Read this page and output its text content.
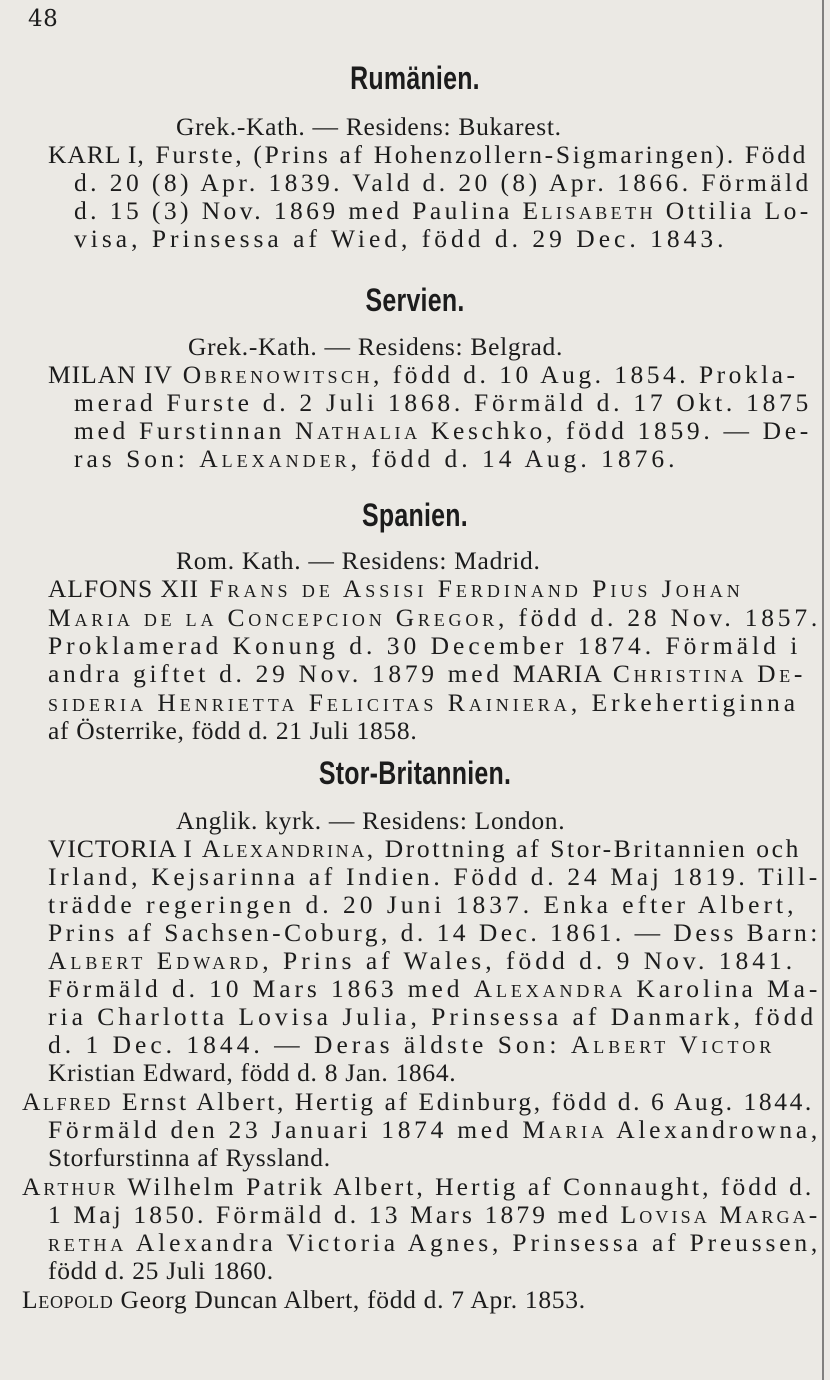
48
Rumänien.
Grek.-Kath. — Residens: Bukarest.
KARL I, Furste, (Prins af Hohenzollern-Sigmaringen). Född
d. 20 (8) Apr. 1839. Vald d. 20 (8) Apr. 1866. Förmäld
d. 15 (3) Nov. 1869 med Paulina Elisabeth Ottilia Lo-
visa, Prinsessa af Wied, född d. 29 Dec. 1843.
Servien.
Grek.-Kath. — Residens: Belgrad.
MILAN IV Obrenowitsch, född d. 10 Aug. 1854. Prokla-
merad Furste d. 2 Juli 1868. Förmäld d. 17 Okt. 1875
med Furstinnan Nathalia Keschko, född 1859. — De-
ras Son: Alexander, född d. 14 Aug. 1876.
Spanien.
Rom. Kath. — Residens: Madrid.
ALFONS XII Frans de Assisi Ferdinand Pius Johan
Maria de la Concepcion Gregor, född d. 28 Nov. 1857.
Proklamerad Konung d. 30 December 1874. Förmäld i
andra giftet d. 29 Nov. 1879 med MARIA Christina De-
sideria Henrietta Felicitas Rainiera, Erkehertiginna
af Österrike, född d. 21 Juli 1858.
Stor-Britannien.
Anglik. kyrk. — Residens: London.
VICTORIA I Alexandrina, Drottning af Stor-Britannien och
Irland, Kejsarinna af Indien. Född d. 24 Maj 1819. Till-
trädde regeringen d. 20 Juni 1837. Enka efter Albert,
Prins af Sachsen-Coburg, d. 14 Dec. 1861. — Dess Barn:
Albert Edward, Prins af Wales, född d. 9 Nov. 1841.
Förmäld d. 10 Mars 1863 med Alexandra Karolina Ma-
ria Charlotta Lovisa Julia, Prinsessa af Danmark, född
d. 1 Dec. 1844. — Deras äldste Son: Albert Victor
Kristian Edward, född d. 8 Jan. 1864.
Alfred Ernst Albert, Hertig af Edinburg, född d. 6 Aug. 1844.
Förmäld den 23 Januari 1874 med Maria Alexandrowna,
Storfurstinna af Ryssland.
Arthur Wilhelm Patrik Albert, Hertig af Connaught, född d.
1 Maj 1850. Förmäld d. 13 Mars 1879 med Lovisa Marga-
retha Alexandra Victoria Agnes, Prinsessa af Preussen,
född d. 25 Juli 1860.
Leopold Georg Duncan Albert, född d. 7 Apr. 1853.
